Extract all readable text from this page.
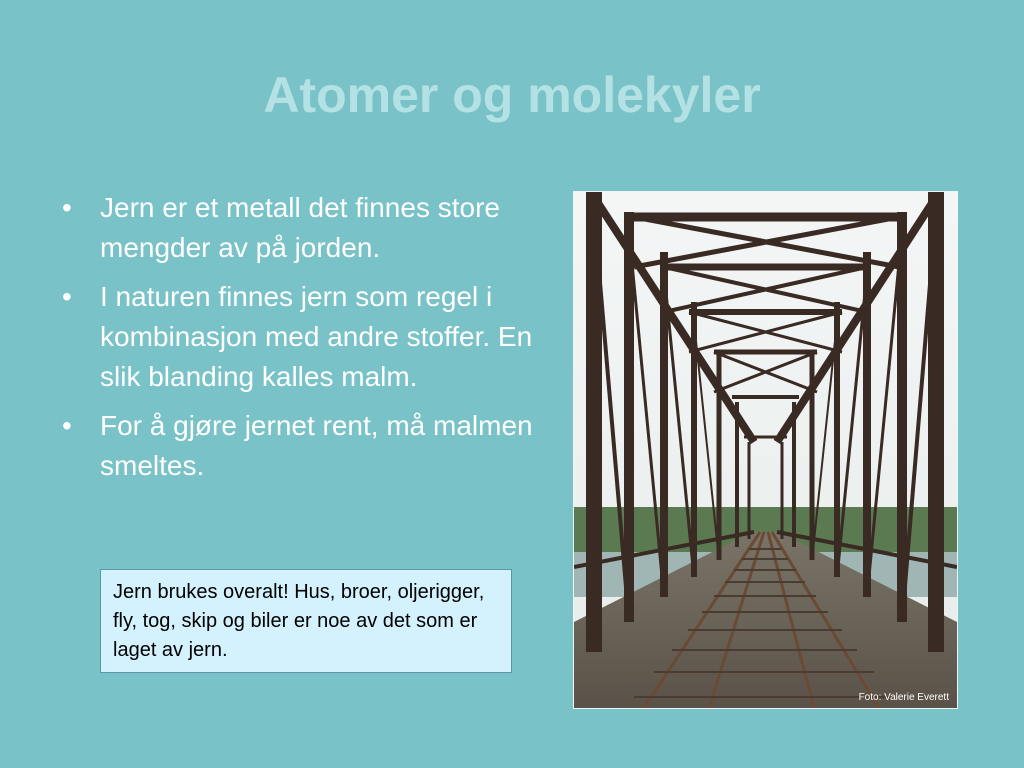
Atomer og molekyler
• Jern er et metall det finnes store mengder av på jorden.
• I naturen finnes jern som regel i kombinasjon med andre stoffer. En slik blanding kalles malm.
• For å gjøre jernet rent, må malmen smeltes.
Jern brukes overalt! Hus, broer, oljerigger, fly, tog, skip og biler er noe av det som er laget av jern.
Foto: Valerie Everett
